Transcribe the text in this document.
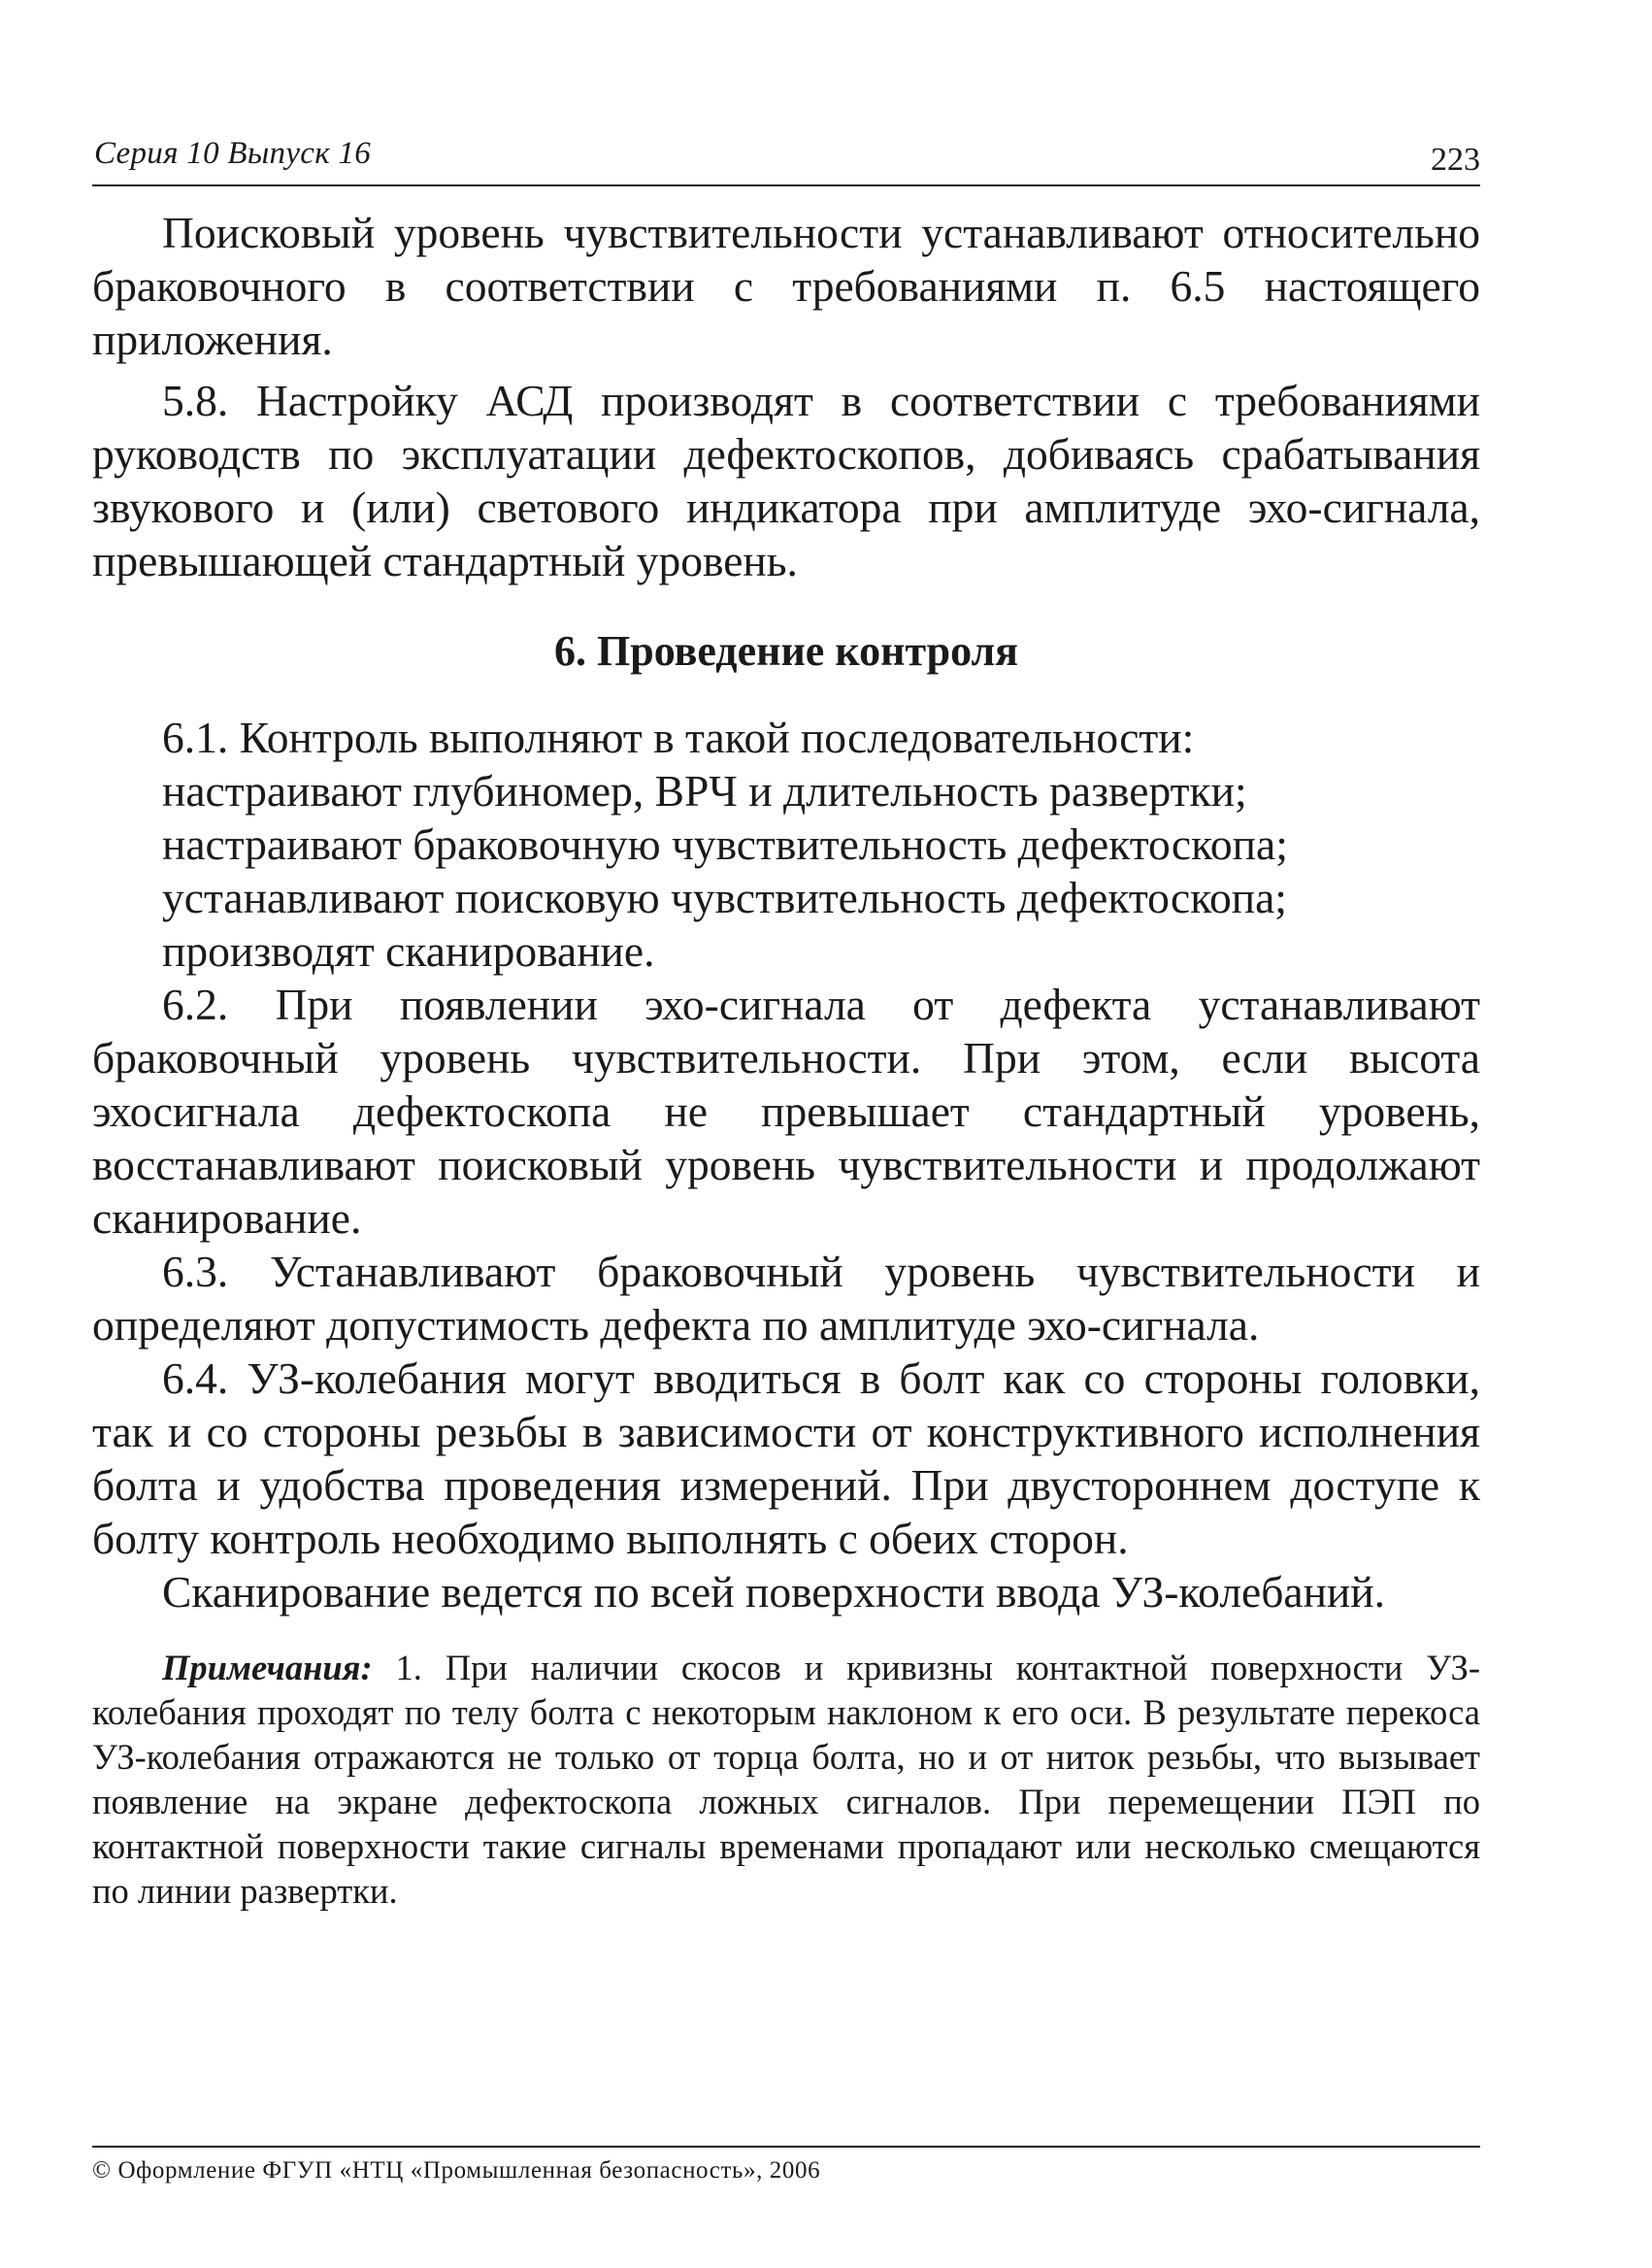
Серия 10 Выпуск 16	223

Поисковый уровень чувствительности устанавливают относительно браковочного в соответствии с требованиями п. 6.5 настоящего приложения.

5.8. Настройку АСД производят в соответствии с требованиями руководств по эксплуатации дефектоскопов, добиваясь срабатывания звукового и (или) светового индикатора при амплитуде эхо-сигнала, превышающей стандартный уровень.

6. Проведение контроля
6.1. Контроль выполняют в такой последовательности:
настраивают глубиномер, ВРЧ и длительность развертки;
настраивают браковочную чувствительность дефектоскопа;
устанавливают поисковую чувствительность дефектоскопа;
производят сканирование.

6.2. При появлении эхо-сигнала от дефекта устанавливают браковочный уровень чувствительности. При этом, если высота эхосигнала дефектоскопа не превышает стандартный уровень, восстанавливают поисковый уровень чувствительности и продолжают сканирование.

6.3. Устанавливают браковочный уровень чувствительности и определяют допустимость дефекта по амплитуде эхо-сигнала.

6.4. УЗ-колебания могут вводиться в болт как со стороны головки, так и со стороны резьбы в зависимости от конструктивного исполнения болта и удобства проведения измерений. При двустороннем доступе к болту контроль необходимо выполнять с обеих сторон.

Сканирование ведется по всей поверхности ввода УЗ-колебаний.

Примечания: 1. При наличии скосов и кривизны контактной поверхности УЗ-колебания проходят по телу болта с некоторым наклоном к его оси. В результате перекоса УЗ-колебания отражаются не только от торца болта, но и от ниток резьбы, что вызывает появление на экране дефектоскопа ложных сигналов. При перемещении ПЭП по контактной поверхности такие сигналы временами пропадают или несколько смещаются по линии развертки.
© Оформление ФГУП «НТЦ «Промышленная безопасность», 2006
